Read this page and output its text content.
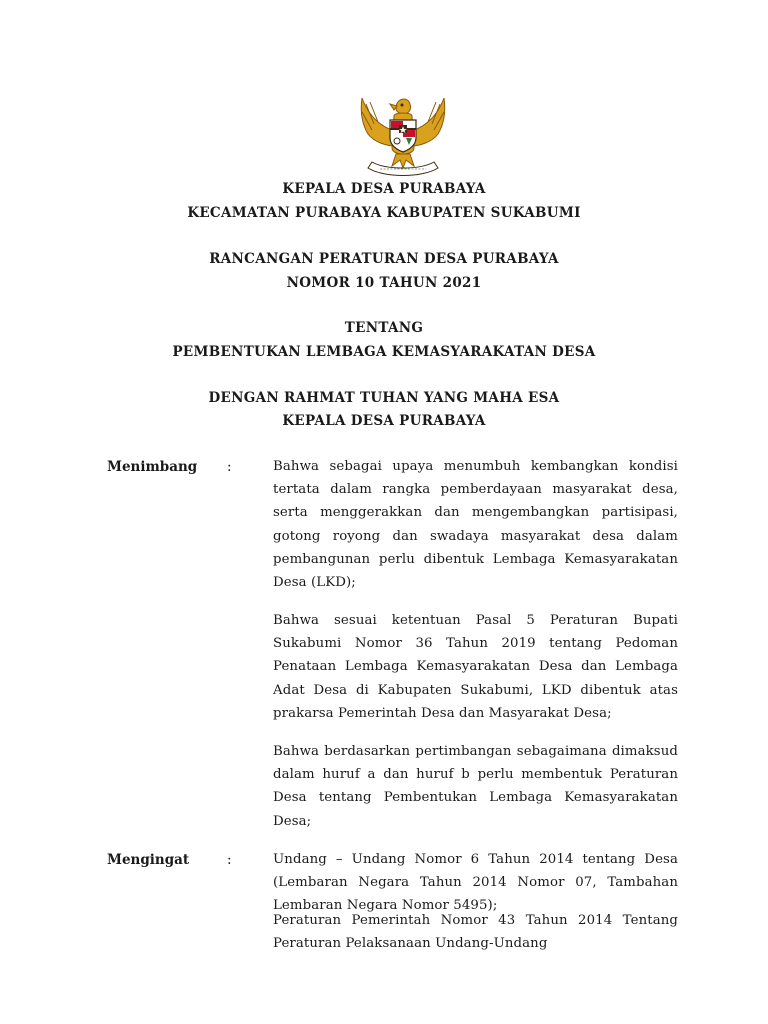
KEPALA DESA PURABAYA
KECAMATAN PURABAYA KABUPATEN SUKABUMI
RANCANGAN PERATURAN DESA PURABAYA
NOMOR 10 TAHUN 2021
TENTANG
PEMBENTUKAN LEMBAGA KEMASYARAKATAN DESA
DENGAN RAHMAT TUHAN YANG MAHA ESA
KEPALA DESA PURABAYA
Menimbang :	Bahwa sebagai upaya menumbuh kembangkan kondisi tertata dalam rangka pemberdayaan masyarakat desa, serta menggerakkan dan mengembangkan partisipasi, gotong royong dan swadaya masyarakat desa dalam pembangunan perlu dibentuk Lembaga Kemasyarakatan Desa (LKD);
Bahwa sesuai ketentuan Pasal 5 Peraturan Bupati Sukabumi Nomor 36 Tahun 2019 tentang Pedoman Penataan Lembaga Kemasyarakatan Desa dan Lembaga Adat Desa di Kabupaten Sukabumi, LKD dibentuk atas prakarsa Pemerintah Desa dan Masyarakat Desa;
Bahwa berdasarkan pertimbangan sebagaimana dimaksud dalam huruf a dan huruf b perlu membentuk Peraturan Desa tentang Pembentukan Lembaga Kemasyarakatan Desa;
Mengingat	:	Undang – Undang Nomor 6 Tahun 2014 tentang Desa (Lembaran Negara Tahun 2014 Nomor 07, Tambahan Lembaran Negara Nomor 5495);
Peraturan Pemerintah Nomor 43 Tahun 2014 Tentang Peraturan Pelaksanaan Undang-Undang
